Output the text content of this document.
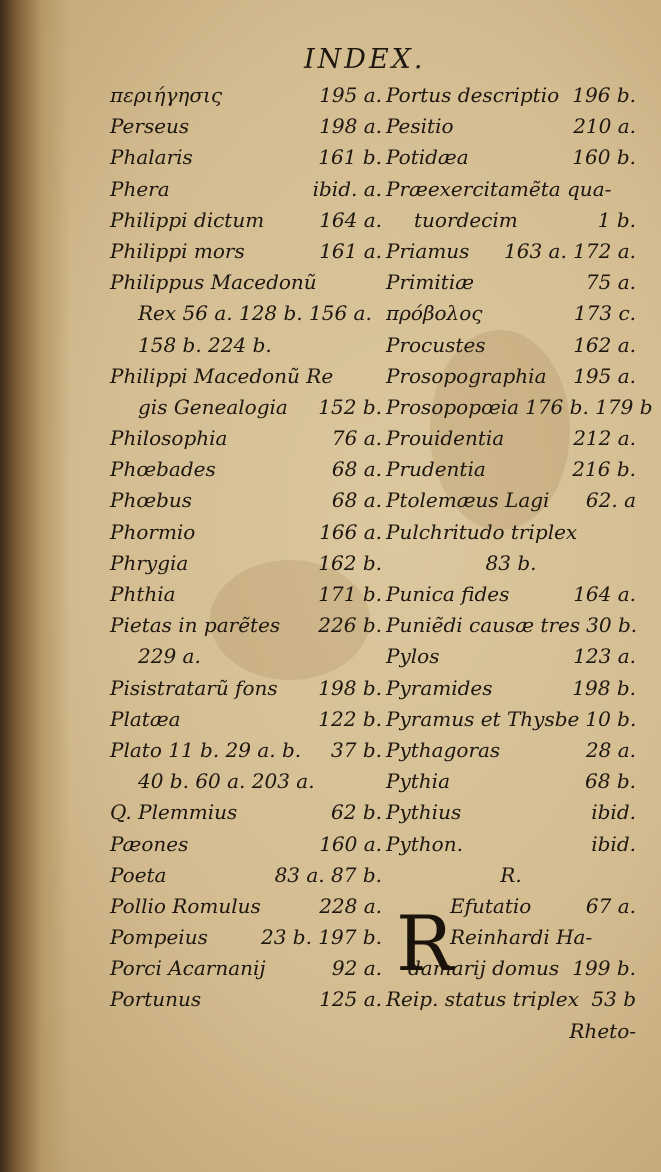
INDEX.
περιήγησις	195 a.
Perseus	198 a.
Phalaris	161 b.
Phera	ibid. a.
Philippi dictum	164 a.
Philippi mors	161 a.
Philippus Macedonũ
Rex 56 a. 128 b. 156 a.
158 b. 224 b.
Philippi Macedonũ Re
gis Genealogia	152 b.
Philosophia	76 a.
Phœbades	68 a.
Phœbus	68 a.
Phormio	166 a.
Phrygia	162 b.
Phthia	171 b.
Pietas in parẽtes	226 b.
229 a.
Pisistratarũ fons	198 b.
Platæa	122 b.
Plato 11 b. 29 a. b.	37 b.
40 b. 60 a. 203 a.
Q. Plemmius	62 b.
Pæones	160 a.
Poeta	83 a. 87 b.
Pollio Romulus	228 a.
Pompeius	23 b. 197 b.
Porci Acarnanij	92 a.
Portunus	125 a.
Portus descriptio 196 b.
Pesitio	210 a.
Potidæa	160 b.
Præexercitamẽta qua-
tuordecim	1 b.
Priamus	163 a. 172 a.
Primitiæ	75 a.
πρόβολος	173 c.
Procustes	162 a.
Prosopographia	195 a.
Prosopopœia 176 b. 179 b
Prouidentia	212 a.
Prudentia	216 b.
Ptolemæus Lagi	62. a
Pulchritudo triplex
83 b.
Punica fides	164 a.
Puniẽdi causæ tres 30 b.
Pylos	123 a.
Pyramides	198 b.
Pyramus et Thysbe 10 b.
Pythagoras	28 a.
Pythia	68 b.
Pythius	ibid.
Python.	ibid.
R.
Efutatio	67 a.
Reinhardi Ha-
damarij domus 199 b.
Reip. status triplex 53 b
Rheto-
R
